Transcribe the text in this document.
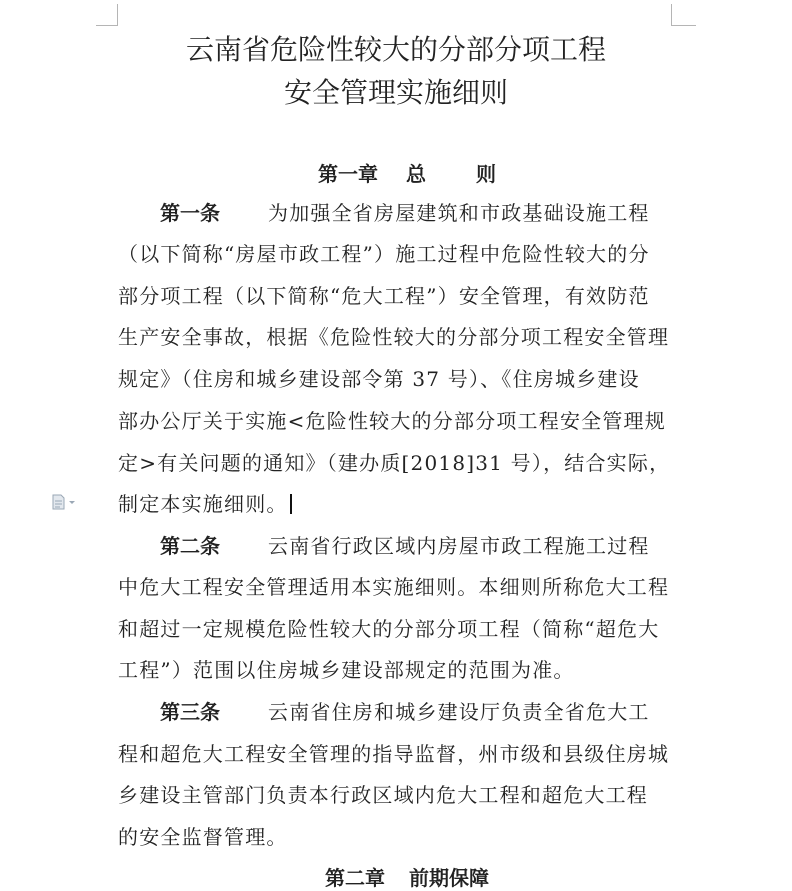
云南省危险性较大的分部分项工程
安全管理实施细则
第一章 总	则
第一条 为加强全省房屋建筑和市政基础设施工程
（以下简称“房屋市政工程”）施工过程中危险性较大的分
部分项工程（以下简称“危大工程”）安全管理，有效防范
生产安全事故，根据《危险性较大的分部分项工程安全管理
规定》（住房和城乡建设部令第 37 号）、《住房城乡建设
部办公厅关于实施<危险性较大的分部分项工程安全管理规
定>有关问题的通知》（建办质[2018]31 号），结合实际，
制定本实施细则。
第二条 云南省行政区域内房屋市政工程施工过程
中危大工程安全管理适用本实施细则。本细则所称危大工程
和超过一定规模危险性较大的分部分项工程（简称“超危大
工程”）范围以住房城乡建设部规定的范围为准。
第三条 云南省住房和城乡建设厅负责全省危大工
程和超危大工程安全管理的指导监督，州市级和县级住房城
乡建设主管部门负责本行政区域内危大工程和超危大工程
的安全监督管理。
第二章 前期保障
